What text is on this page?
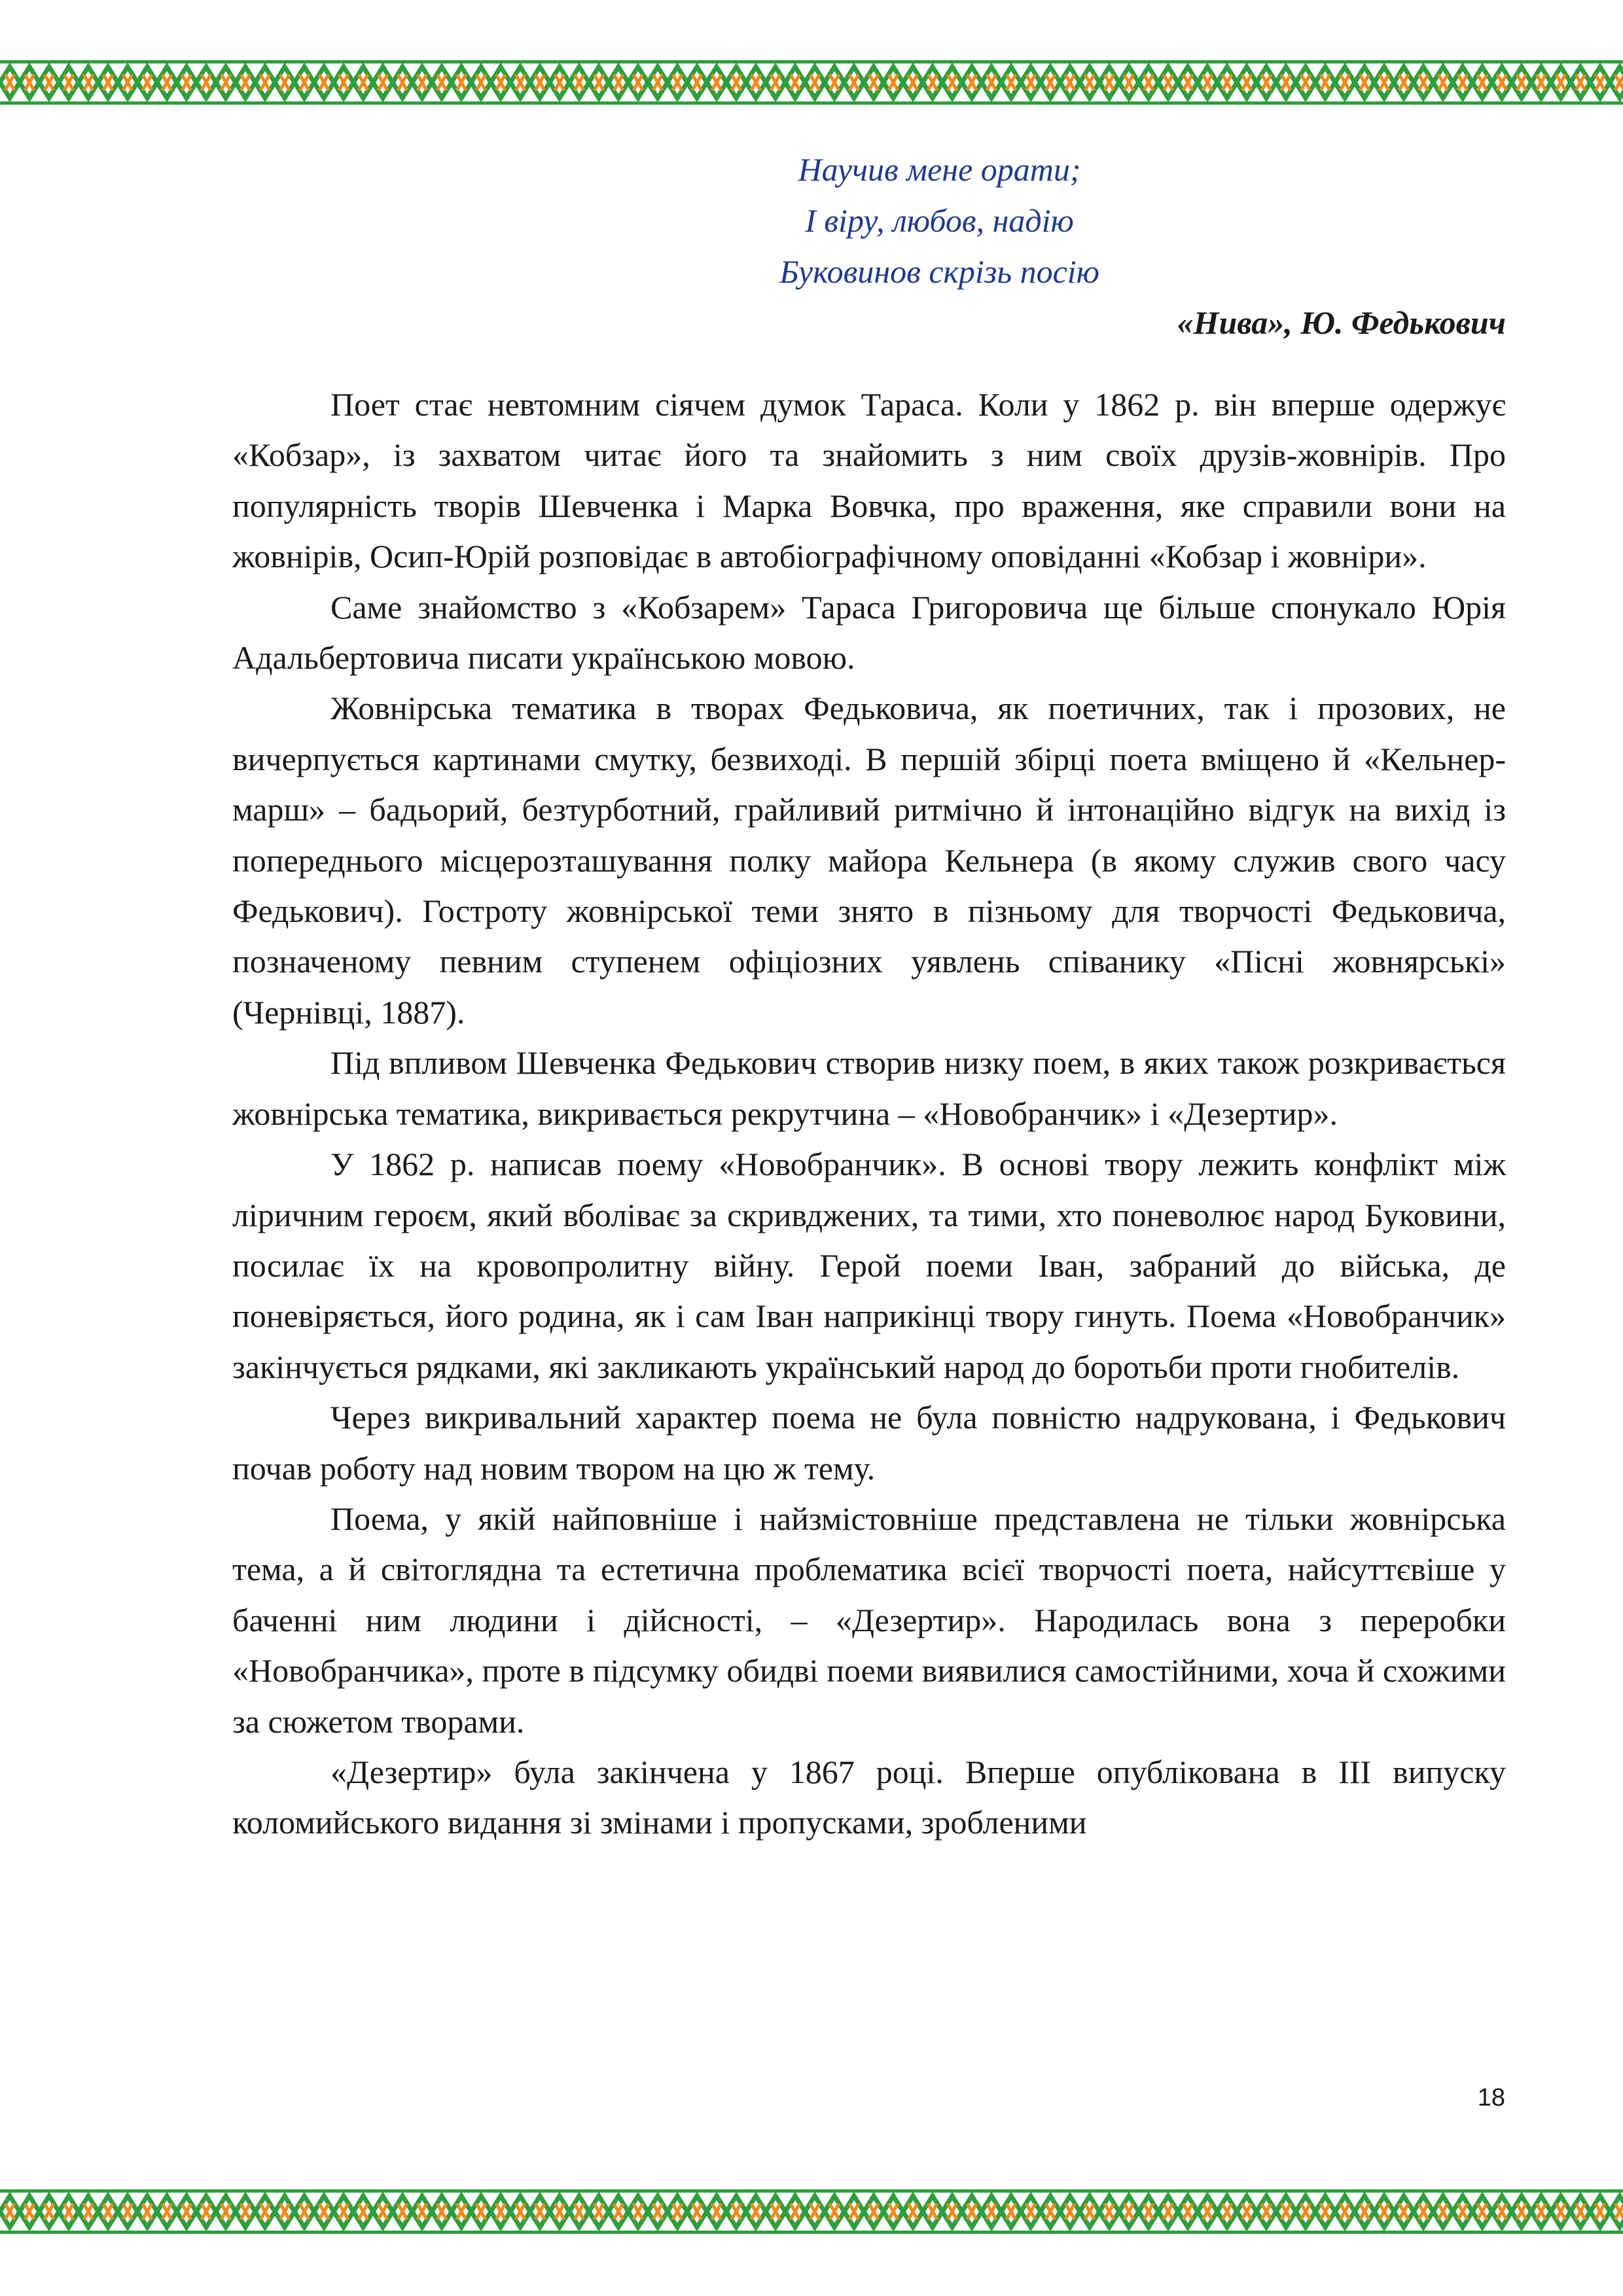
Научив мене орати;
І віру, любов, надію
Буковинов скрізь посію
«Нива», Ю. Федькович

Поет стає невтомним сіячем думок Тараса. Коли у 1862 р. він вперше одержує «Кобзар», із захватом читає його та знайомить з ним своїх друзів-жовнірів. Про популярність творів Шевченка і Марка Вовчка, про враження, яке справили вони на жовнірів, Осип-Юрій розповідає в автобіографічному оповіданні «Кобзар і жовніри».

Саме знайомство з «Кобзарем» Тараса Григоровича ще більше спонукало Юрія Адальбертовича писати українською мовою.

Жовнірська тематика в творах Федьковича, як поетичних, так і прозових, не вичерпується картинами смутку, безвиході. В першій збірці поета вміщено й «Кельнер-марш» – бадьорий, безтурботний, грайливий ритмічно й інтонаційно відгук на вихід із попереднього місцерозташування полку майора Кельнера (в якому служив свого часу Федькович). Гостроту жовнірської теми знято в пізньому для творчості Федьковича, позначеному певним ступенем офіціозних уявлень співанику «Пісні жовнярські» (Чернівці, 1887).

Під впливом Шевченка Федькович створив низку поем, в яких також розкривається жовнірська тематика, викривається рекрутчина – «Новобранчик» і «Дезертир».

У 1862 р. написав поему «Новобранчик». В основі твору лежить конфлікт між ліричним героєм, який вболіває за скривджених, та тими, хто поневолює народ Буковини, посилає їх на кровопролитну війну. Герой поеми Іван, забраний до війська, де поневіряється, його родина, як і сам Іван наприкінці твору гинуть. Поема «Новобранчик» закінчується рядками, які закликають український народ до боротьби проти гнобителів.

Через викривальний характер поема не була повністю надрукована, і Федькович почав роботу над новим твором на цю ж тему.

Поема, у якій найповніше і найзмістовніше представлена не тільки жовнірська тема, а й світоглядна та естетична проблематика всієї творчості поета, найсуттєвіше у баченні ним людини і дійсності, – «Дезертир». Народилась вона з переробки «Новобранчика», проте в підсумку обидві поеми виявилися самостійними, хоча й схожими за сюжетом творами.

«Дезертир» була закінчена у 1867 році. Вперше опублікована в ІІІ випуску коломийського видання зі змінами і пропусками, зробленими

18
